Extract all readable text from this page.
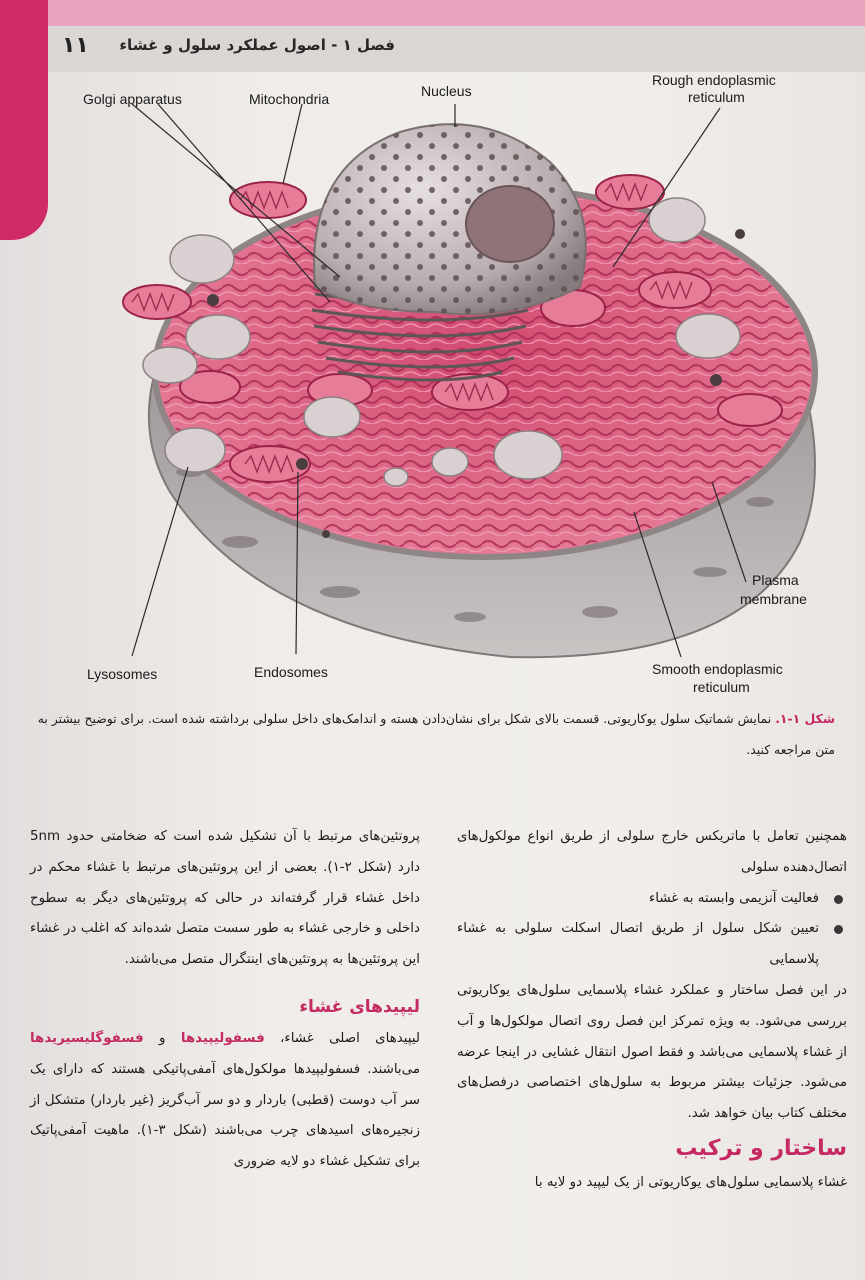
۱۱ فصل ۱ - اصول عملکرد سلول و غشاء
Golgi apparatus	Mitochondria	Nucleus
Rough endoplasmic
reticulum
Plasma
membrane
Smooth endoplasmic
reticulum
Endosomes
Lysosomes
شکل ۱-۱. نمایش شماتیک سلول یوکاریوتی. قسمت بالای شکل برای نشان‌دادن هسته و اندامک‌های داخل سلولی برداشته شده است. برای توضیح بیشتر به متن مراجعه کنید.

همچنین تعامل با ماتریکس خارج سلولی از طریق انواع مولکول‌های اتصال‌دهنده سلولی

فعالیت آنزیمی وابسته به غشاء

تعیین شکل سلول از طریق اتصال اسکلت سلولی به غشاء پلاسمایی

در این فصل ساختار و عملکرد غشاء پلاسمایی سلول‌های یوکاریوتی بررسی می‌شود. به ویژه تمرکز این فصل روی اتصال مولکول‌ها و آب از غشاء پلاسمایی می‌باشد و فقط اصول انتقال غشایی در اینجا عرضه می‌شود. جزئیات بیشتر مربوط به سلول‌های اختصاصی درفصل‌های مختلف کتاب بیان خواهد شد.

ساختار و ترکیب

غشاء پلاسمایی سلول‌های یوکاریوتی از یک لیپید دو لایه با

پروتئین‌های مرتبط با آن تشکیل شده است که ضخامتی حدود 5nm دارد (شکل ۲-۱). بعضی از این پروتئین‌های مرتبط با غشاء محکم در داخل غشاء قرار گرفته‌اند در حالی که پروتئین‌های دیگر به سطوح داخلی و خارجی غشاء به طور سست متصل شده‌اند که اغلب در غشاء این پروتئین‌ها به پروتئین‌های اینتگرال متصل می‌باشند.

لیپیدهای غشاء

لیپیدهای اصلی غشاء، فسفولیپیدها و فسفوگلیسیریدها می‌باشند. فسفولیپیدها مولکول‌های آمفی‌پاتیکی هستند که دارای یک سر آب دوست (قطبی) باردار و دو سر آب‌گریز (غیر باردار) متشکل از زنجیره‌های اسیدهای چرب می‌باشند (شکل ۳-۱). ماهیت آمفی‌پاتیک برای تشکیل غشاء دو لایه ضروری
